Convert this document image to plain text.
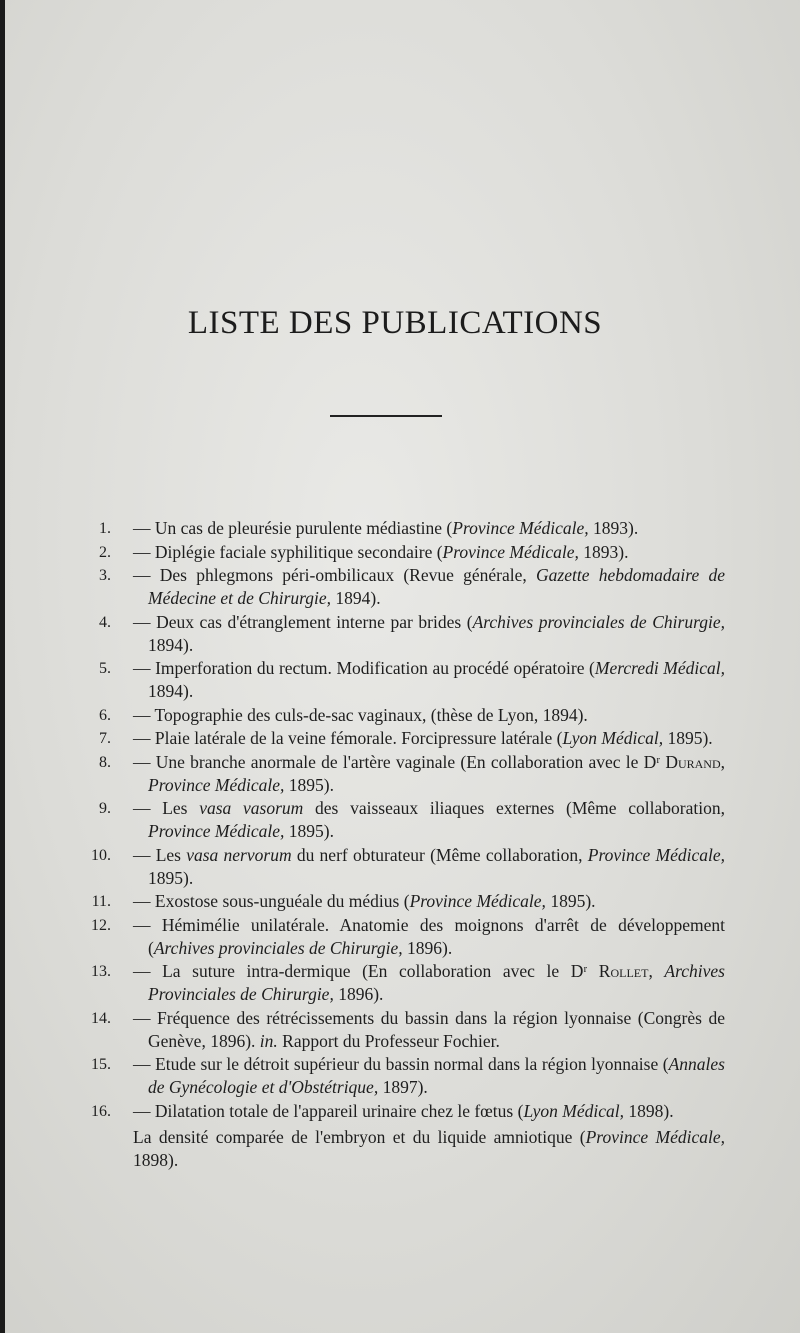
LISTE DES PUBLICATIONS
1. — Un cas de pleurésie purulente médiastine (Province Médicale, 1893).
2. — Diplégie faciale syphilitique secondaire (Province Médicale, 1893).
3. — Des phlegmons péri-ombilicaux (Revue générale, Gazette hebdomadaire de Médecine et de Chirurgie, 1894).
4. — Deux cas d'étranglement interne par brides (Archives provinciales de Chirurgie, 1894).
5. — Imperforation du rectum. Modification au procédé opératoire (Mercredi Médical, 1894).
6. — Topographie des culs-de-sac vaginaux, (thèse de Lyon, 1894).
7. — Plaie latérale de la veine fémorale. Forcipressure latérale (Lyon Médical, 1895).
8. — Une branche anormale de l'artère vaginale (En collaboration avec le Dʳ Durand, Province Médicale, 1895).
9. — Les vasa vasorum des vaisseaux iliaques externes (Même collaboration, Province Médicale, 1895).
10. — Les vasa nervorum du nerf obturateur (Même collaboration, Province Médicale, 1895).
11. — Exostose sous-unguéale du médius (Province Médicale, 1895).
12. — Hémimélie unilatérale. Anatomie des moignons d'arrêt de développement (Archives provinciales de Chirurgie, 1896).
13. — La suture intra-dermique (En collaboration avec le Dʳ Rollet, Archives Provinciales de Chirurgie, 1896).
14. — Fréquence des rétrécissements du bassin dans la région lyonnaise (Congrès de Genève, 1896). in. Rapport du Professeur Fochier.
15. — Etude sur le détroit supérieur du bassin normal dans la région lyonnaise (Annales de Gynécologie et d'Obstétrique, 1897).
16. — Dilatation totale de l'appareil urinaire chez le fœtus (Lyon Médical, 1898).
La densité comparée de l'embryon et du liquide amniotique (Province Médicale, 1898).
